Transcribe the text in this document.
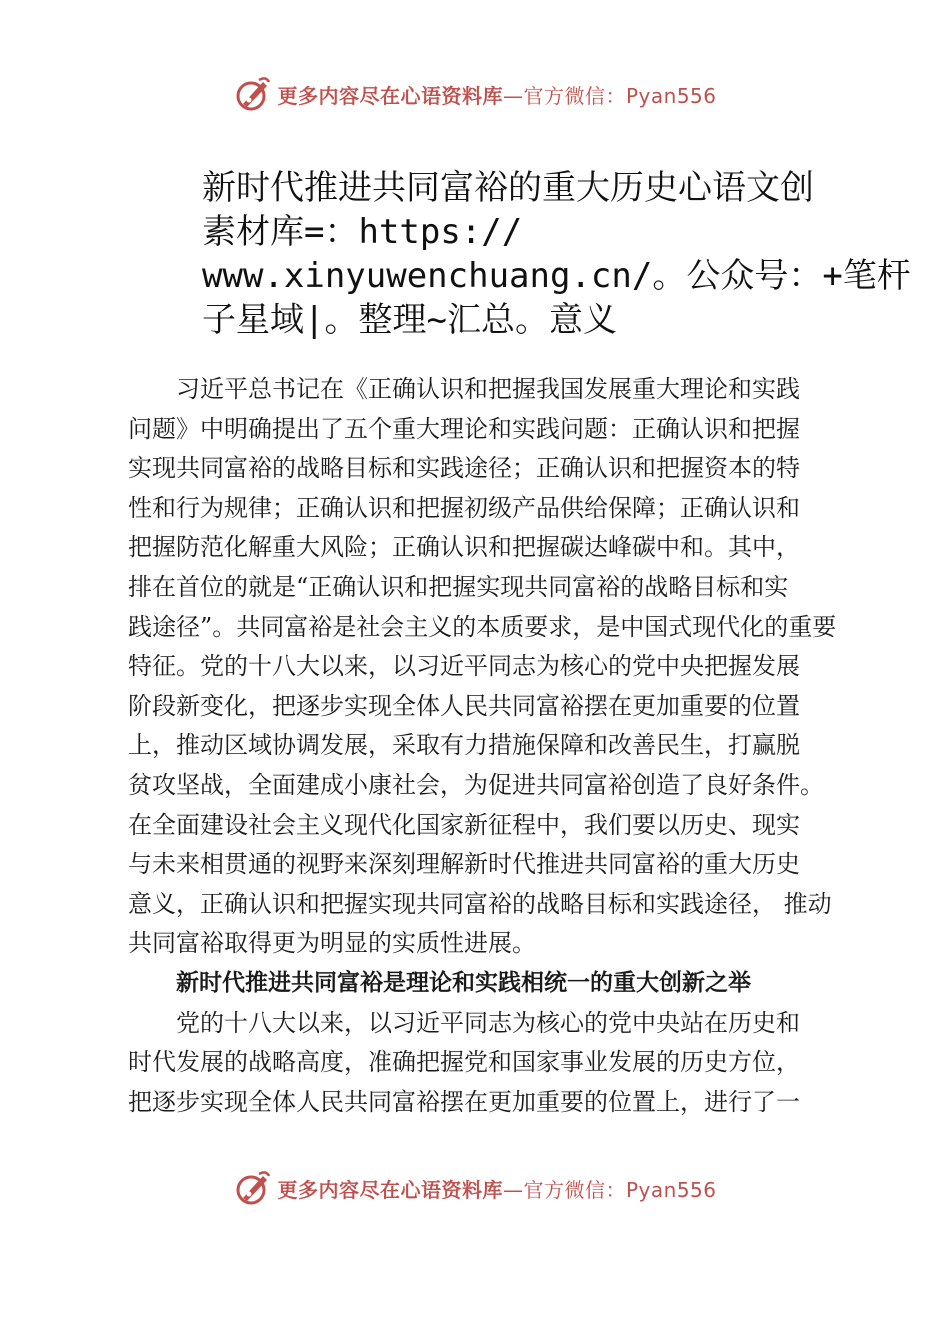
更多内容尽在心语资料库—官方微信：Pyan556
新时代推进共同富裕的重大历史心语文创
素材库=：https://
www.xinyuwenchuang.cn/。公众号：+笔杆
子星域|。整理~汇总。意义
习近平总书记在《正确认识和把握我国发展重大理论和实践
问题》中明确提出了五个重大理论和实践问题：正确认识和把握
实现共同富裕的战略目标和实践途径；正确认识和把握资本的特
性和行为规律；正确认识和把握初级产品供给保障；正确认识和
把握防范化解重大风险；正确认识和把握碳达峰碳中和。其中，
排在首位的就是“正确认识和把握实现共同富裕的战略目标和实
践途径”。共同富裕是社会主义的本质要求，是中国式现代化的重要
特征。党的十八大以来，以习近平同志为核心的党中央把握发展
阶段新变化，把逐步实现全体人民共同富裕摆在更加重要的位置
上，推动区域协调发展，采取有力措施保障和改善民生，打赢脱
贫攻坚战，全面建成小康社会，为促进共同富裕创造了良好条件。
在全面建设社会主义现代化国家新征程中，我们要以历史、现实
与未来相贯通的视野来深刻理解新时代推进共同富裕的重大历史
意义，正确认识和把握实现共同富裕的战略目标和实践途径， 推动
共同富裕取得更为明显的实质性进展。
新时代推进共同富裕是理论和实践相统一的重大创新之举
党的十八大以来，以习近平同志为核心的党中央站在历史和
时代发展的战略高度，准确把握党和国家事业发展的历史方位，
把逐步实现全体人民共同富裕摆在更加重要的位置上，进行了一
更多内容尽在心语资料库—官方微信：Pyan556
